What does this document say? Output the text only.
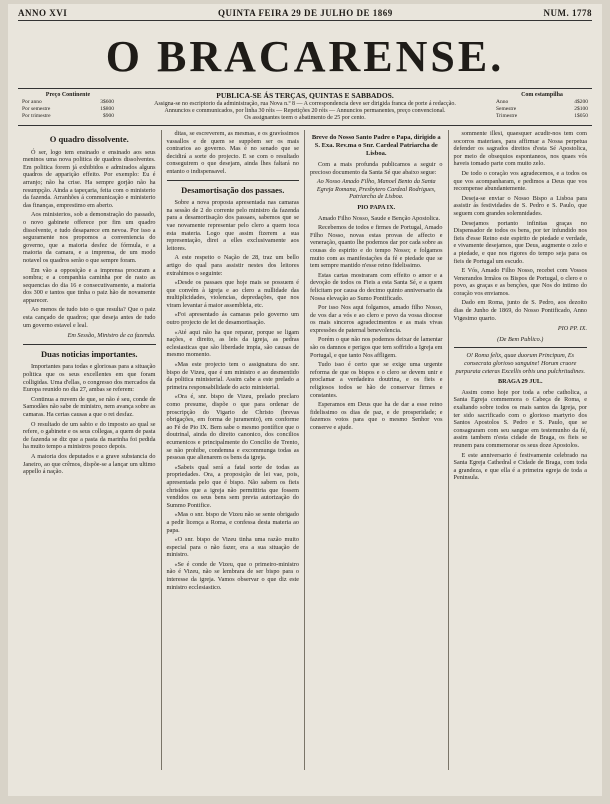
ANNO XVI	QUINTA FEIRA 29 DE JULHO DE 1869	NUM. 1778
O BRACARENSE.
Preço Continente
Por anno	3$600
Por semestre	1$800
Por trimestre	$900
PUBLICA-SE ÁS TERÇAS, QUINTAS E SABBADOS.
Assigna-se no escriptorio da administração, rua Nova n.º 8 — A correspondencia deve ser dirigida franca de porte á redacção.
Annuncios e communicados, por linha 30 réis — Repetições 20 réis — Annuncios permanentes, preço convencional.
Os assignantes teem o abatimento de 25 por cento.
Com estampilha
Anno	4$200
Semestre	2$100
Trimestre	1$050
O quadro dissolvente.

Ó ser, logo tem ensinado e ensinado aos seus meninos uma nova politica de quadros dissolventes. Em politica forem já exhibidos e admirados alguns quadros de apparição effeito. Por exemplo: Eu é arranjo; não ha crise. Ha sempre gorjão não ha resumpção. Ainda a tapeçaria, feita com o ministerio da fazenda. Arranhões á communicação e ministerio das finanças, emprestimo em aberto.

Aos ministerios, sob a demonstração do passado, o novo gabinete offerece por fim um quadro dissolvente, e tudo desaparece em nevoa. Por isso a seguramente nos propomos a conveniencia do governo, que a maioria desfez de fórmula, e a maioria da camara, e a imprensa, de um modo notavel os quadros serão o que sempre foram.

Em vão a opposição e a imprensa procuram a sombra; e a companhia caminha por de rasto as sequencias do dia 16 e consecutivamente, a maioria dos 300 e tantos que tinha o paiz hão de novamente apparecer.

Ao menos de tudo isto o que resulta? Que o paiz esta cançado de quadros; que deseja antes de tudo um governo estavel e leal.

Em Sessão, Ministro de ca fazenda.
Duas noticias importantes.

Importantes para todas e gloriosas para a situação politica que os seus excellentes em que foram colligidas. Uma d'ellas, o congresso dos mercados da Europa reunido no dia 27, ambas se referem:

Continua a nuvem de que, se não é seu, conde de Samodães não sabe de ministro, nem avança sobre as camaras. Ha certas causas a que o rei desfaz.

O resultado de um sabio e do imposto ao qual se refere, o gabinete e os seus collegas, a quem de pasta de fazenda se diz que a pasta da marinha foi pedida ha muito tempo a ministros pouco depois.

A maioria dos deputados e a grave substancia do Janeiro, ao que crêmos, dispõe-se a lançar um ultimo appello á nação.

ditas, se escreverem, as mesmas, e os gravíssimos vassallos e de quem se suppõem ser os mais contrarios ao governo. Mas é no senado que se decidirá a sorte do projecto. E se com o resultado conseguirem o que desejam, ainda lhes faltará no entanto o indispensavel.

Desamortisação dos passaes.

Sobre a nova proposta apresentada nas camaras na sessão de 2 do corrente pelo ministro da fazenda para a desamortisação dos passaes, sabemos que se vae novamente representar pelo clero a quem toca esta materia. Logo que assim fizerem a sua representação, direi a elles exclusivamente aos leitores.

A este respeito o Nação de 28, traz um bello artigo do qual para assistir nestes dos leitores extrahimos o seguinte:

«Desde os passaes que hoje mais se possuem é que convém à igreja e ao clero a nullidade das multiplicidades, violencias, depredações, que nos viram levantar á maior assembleia, etc.

«Foi apresentado ás camaras pelo governo um outro projecto de lei de desamortisação.

«Até aqui não ha que reparar, porque se ligam nações, e direito, as leis da igreja, as pedras eclesiasticas que são liberdade impia, são causas de mesmo momento.

«Mas este projecto tem o assignatura do snr. bispo de Vizeu, que é um ministro e ao desmentido da politica ministerial. Assim cabe a este prelado a primeira responsabilidade do acto ministerial.

«Ora é, snr. bispo de Vizeu, prelado preclaro como presume, dispõe o que para ordenar de proscripção do Vigario de Christo (brevas obrigações, em forma de juramento), em conforme ao Fé de Pio IX. Bem sabe o mesmo pontífice que o doutrinal, ainda do direito canonico, dos concilios ecumenicos e principalmente do Concilio de Trento, se não prohibe, condemna e excommunga todas as pessoas que alienarem os bens da igreja.

«Sabeis qual será a fatal sorte de todas as propriedades. Ora, a proposição de lei vae, pois, apresentada pelo que é bispo. Não sabem os fieis christãos que a igreja não permittiria que fossem vendidos os seus bens sem previa autorização do Summo Pontifice.

«Mas o snr. bispo de Vizeu não se sente obrigado a pedir licença a Roma, e confessa desta materia ao papa.

«O snr. bispo de Vizeu tinha uma razão muito especial para o não fazer, era a sua situação de ministro.

«Se é conde de Vizeu, que o primeiro-ministro não é Vizeu, não se lembrara de ser bispo para o interesse da igreja. Vamos observar o que diz este ministro ecclesiastico.

Breve do Nosso Santo Padre o Papa, dirigido a S. Exa. Rev.ma o Snr. Cardeal Patriarcha de Lisboa.

Com a mais profunda publicamos a seguir o precioso documento da Santa Sé que abaixo segue:

Ao Nosso Amado Filho, Manoel Bento da Santa Egreja Romana, Presbytero Cardeal Rodrigues, Patriarcha de Lisboa.
PIO PAPA IX.

Amado Filho Nosso, Saude e Benção Apostolica.

Recebemos de todos e firmes de Portugal, Amado Filho Nosso, novas estas provas de affecto e veneração, quanto lhe podemos dar por cada sobre as cousas do espirito e do tempo Nosso; e folgamos muito com as manifestações da fé e piedade que se tem sempre mantido n'esse reino fidelissimo.

Estas cartas mostraram com effeito o amor e a devoção de todos os Fieis a esta Santa Sé, e a quem felicitam por causa do decimo quinto anniversario da Nossa elevação ao Sumo Pontificado.

Por isso Nos aqui folgamos, amado filho Nosso, de vos dar a vós e ao clero e povo da vossa diocese os mais sinceros agradecimentos e as mais vivas expressões de paternal benevolencia.

Porém o que não nos podemos deixar de lamentar são os damnos e perigos que tem soffrido a Igreja em Portugal, e que tanto Nos affligem.

Tudo isso é certo que se exige uma urgente reforma de que os bispos e o clero se devem unir e proclamar a verdadeira doutrina, e os fieis e religiosos todos se hão de conservar firmes e constantes.

Esperamos em Deus que ha de dar a esse reino fidelissimo os dias de paz, e de prosperidade; e fazemos votos para que o mesmo Senhor vos conserve e ajude.

sommente illesi, quaesquer acudir-nos tem com socorros materiaes, para affirmar a Nossa perpetua defender os sagrados direitos d'esta Sé Apostolica, por meio de obsequios espontaneos, nos quaes vós haveis tomado parte com muito zelo.

De todo o coração vos agradecemos, e a todos os que vos acompanharam, e pedimos a Deus que vos recompense abundantemente.

Deseja-se enviar o Nosso Bispo a Lisboa para assistir ás festividades de S. Pedro e S. Paulo, que seguem com grandes solemnidades.

Desejamos portanto infinitas graças no Dispensador de todos os bens, por ter infundido nos fieis d'esse Reino este espirito de piedade e verdade, e vivamente desejamos, que Deus, augmente o zelo e a piedade, e que nos rigores do tempo seja para os fieis de Portugal um escudo.

E Vós, Amado Filho Nosso, recebei com Vossos Venerandos Irmãos os Bispos de Portugal, o clero e o povo, as graças e as benções, que Nos do intimo do coração vos enviamos.

Dado em Roma, junto de S. Pedro, aos dezoito dias de Junho de 1869, do Nosso Pontificado, Anno Vigesimo quarto.

PIO PP. IX.
(De Bem Publico.)
O! Roma felix, quae duorum Principum, Es consecrata glorioso sanguine! Horum cruore purpurata ceteras Excellis orbis una pulchritudines.
BRAGA 29 JUL.

Assim como hoje por toda a orbe catholica, a Santa Egreja commemora o Cabeça de Roma, e exaltando sobre todos os mais santos da Igreja, por ter sido sacrificado com o glorioso martyrio dos Santos Apostolos S. Pedro e S. Paulo, que se consagraram com seu sangue em testemunho da fé, assim tambem n'esta cidade de Braga, os fieis se reunem para commemorar os seus doze Apostolos.

E este anniversario é festivamente celebrado na Santa Egreja Cathedral e Cidade de Braga, com toda a grandeza, e que ella é a primeira egreja de toda a Peninsula.
